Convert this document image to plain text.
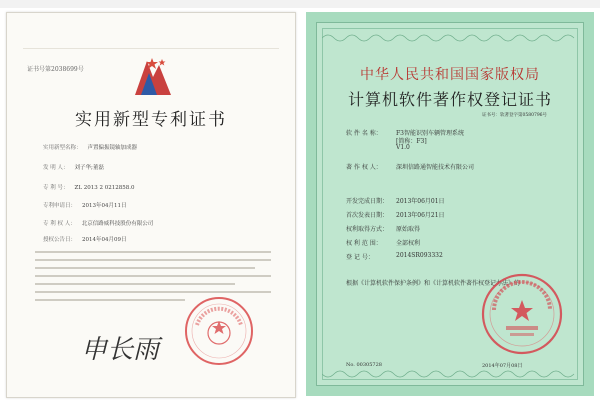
证书号第2038699号
实用新型专利证书
实用新型名称： 声置偏振镜轴加成器
发 明 人： 刘子华;董磊
专 利 号： ZL 2013 2 0212858.0
专利申请日： 2013年04月11日
专 利 权 人： 北京信路威科技股份有限公司
授权公告日： 2014年04月09日
申长雨
中华人民共和国国家版权局
计算机软件著作权登记证书
证书号：软著登字第0580796号
软 件 名 称： F3智能识别车辆管理系统
[简称：F3]
V1.0
著 作 权 人： 深圳信路通智能技术有限公司
开发完成日期： 2013年06月01日
首次发表日期： 2013年06月21日
权利取得方式： 原始取得
权 利 范 围： 全部权利
登 记 号：	2014SR093332
根据《计算机软件保护条例》和《计算机软件著作权登记办法》的
No. 00305728	2014年07月08日
